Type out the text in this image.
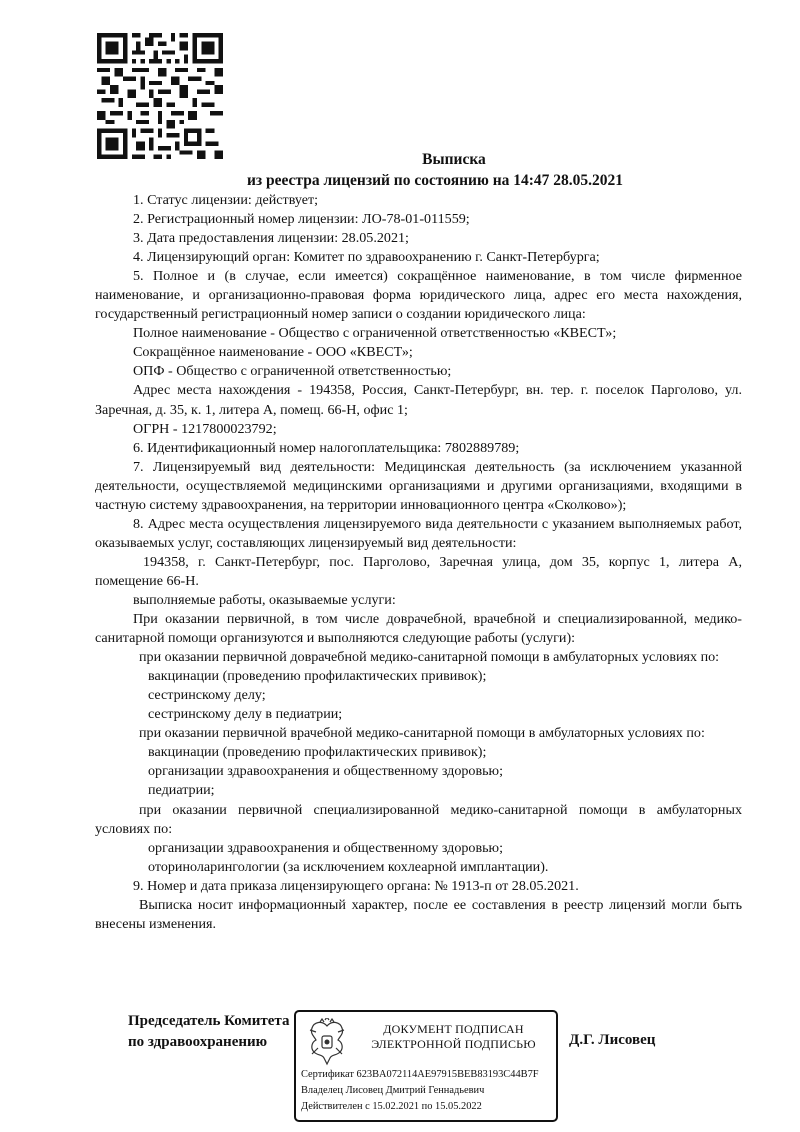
Выписка
из реестра лицензий по состоянию на 14:47 28.05.2021

1. Статус лицензии: действует;

2. Регистрационный номер лицензии: ЛО-78-01-011559;

3. Дата предоставления лицензии: 28.05.2021;

4. Лицензирующий орган: Комитет по здравоохранению г. Санкт-Петербурга;

5. Полное и (в случае, если имеется) сокращённое наименование, в том числе фирменное наименование, и организационно-правовая форма юридического лица, адрес его места нахождения, государственный регистрационный номер записи о создании юридического лица:

Полное наименование - Общество с ограниченной ответственностью «КВЕСТ»;

Сокращённое наименование - ООО «КВЕСТ»;

ОПФ - Общество с ограниченной ответственностью;

Адрес места нахождения - 194358, Россия, Санкт-Петербург, вн. тер. г. поселок Парголово, ул. Заречная, д. 35, к. 1, литера А, помещ. 66-Н, офис 1;

ОГРН - 1217800023792;

6. Идентификационный номер налогоплательщика: 7802889789;

7. Лицензируемый вид деятельности: Медицинская деятельность (за исключением указанной деятельности, осуществляемой медицинскими организациями и другими организациями, входящими в частную систему здравоохранения, на территории инновационного центра «Сколково»);

8. Адрес места осуществления лицензируемого вида деятельности с указанием выполняемых работ, оказываемых услуг, составляющих лицензируемый вид деятельности:

194358, г. Санкт-Петербург, пос. Парголово, Заречная улица, дом 35, корпус 1, литера А, помещение 66-Н.

выполняемые работы, оказываемые услуги:

При оказании первичной, в том числе доврачебной, врачебной и специализированной, медико-санитарной помощи организуются и выполняются следующие работы (услуги):

при оказании первичной доврачебной медико-санитарной помощи в амбулаторных условиях по:

вакцинации (проведению профилактических прививок);

сестринскому делу;

сестринскому делу в педиатрии;

при оказании первичной врачебной медико-санитарной помощи в амбулаторных условиях по:

вакцинации (проведению профилактических прививок);

организации здравоохранения и общественному здоровью;

педиатрии;

при оказании первичной специализированной медико-санитарной помощи в амбулаторных условиях по:

организации здравоохранения и общественному здоровью;

оториноларингологии (за исключением кохлеарной имплантации).

9. Номер и дата приказа лицензирующего органа: № 1913-п от 28.05.2021.

Выписка носит информационный характер, после ее составления в реестр лицензий могли быть внесены изменения.

Председатель Комитета
по здравоохранению
ДОКУМЕНТ ПОДПИСАН
ЭЛЕКТРОННОЙ ПОДПИСЬЮ
Сертификат 623BA072114AE97915BEB83193C44B7F
Владелец Лисовец Дмитрий Геннадьевич
Действителен с 15.02.2021 по 15.05.2022
Д.Г. Лисовец
